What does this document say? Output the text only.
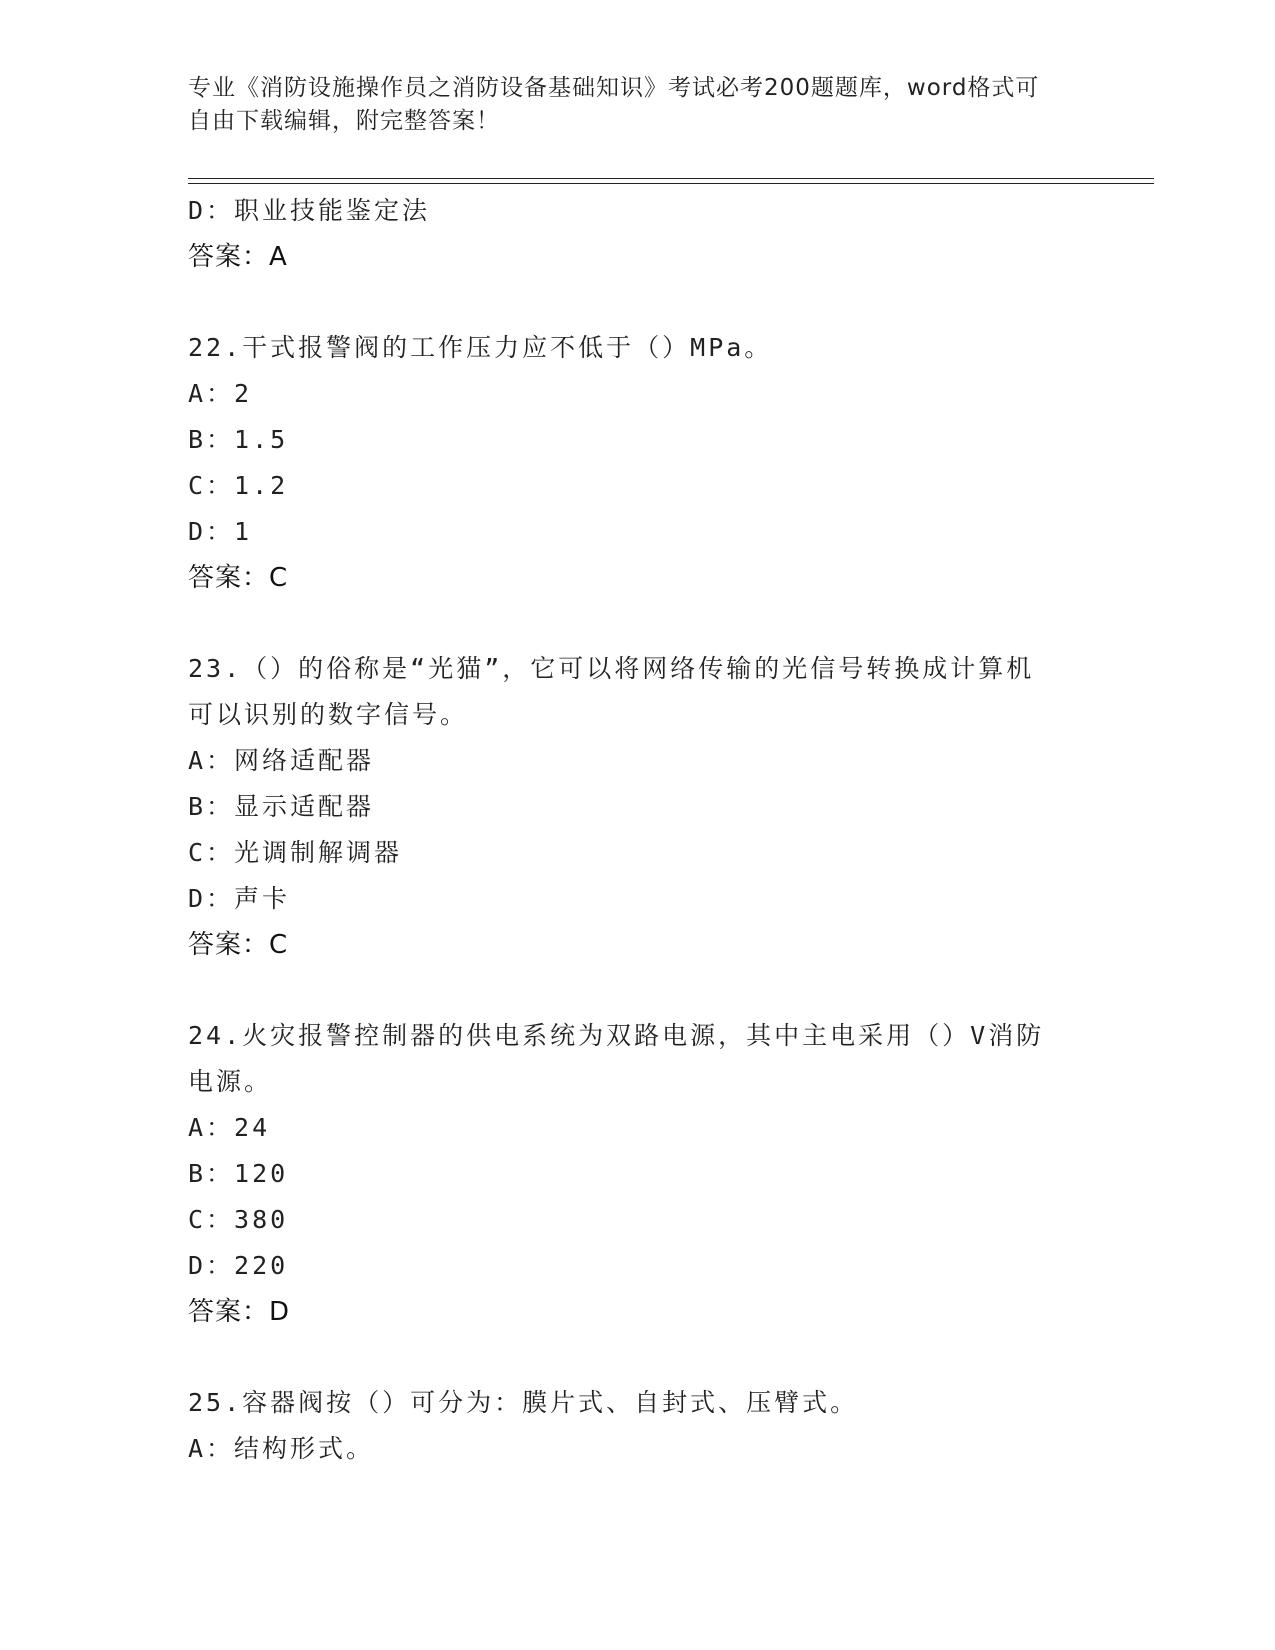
专业《消防设施操作员之消防设备基础知识》考试必考200题题库，word格式可
自由下载编辑，附完整答案！
D：职业技能鉴定法
答案：A
22.干式报警阀的工作压力应不低于（）MPa。
A：2
B：1.5
C：1.2
D：1
答案：C
23.（）的俗称是“光猫”，它可以将网络传输的光信号转换成计算机
可以识别的数字信号。
A：网络适配器
B：显示适配器
C：光调制解调器
D：声卡
答案：C
24.火灾报警控制器的供电系统为双路电源，其中主电采用（）V消防
电源。
A：24
B：120
C：380
D：220
答案：D
25.容器阀按（）可分为：膜片式、自封式、压臂式。
A：结构形式。
